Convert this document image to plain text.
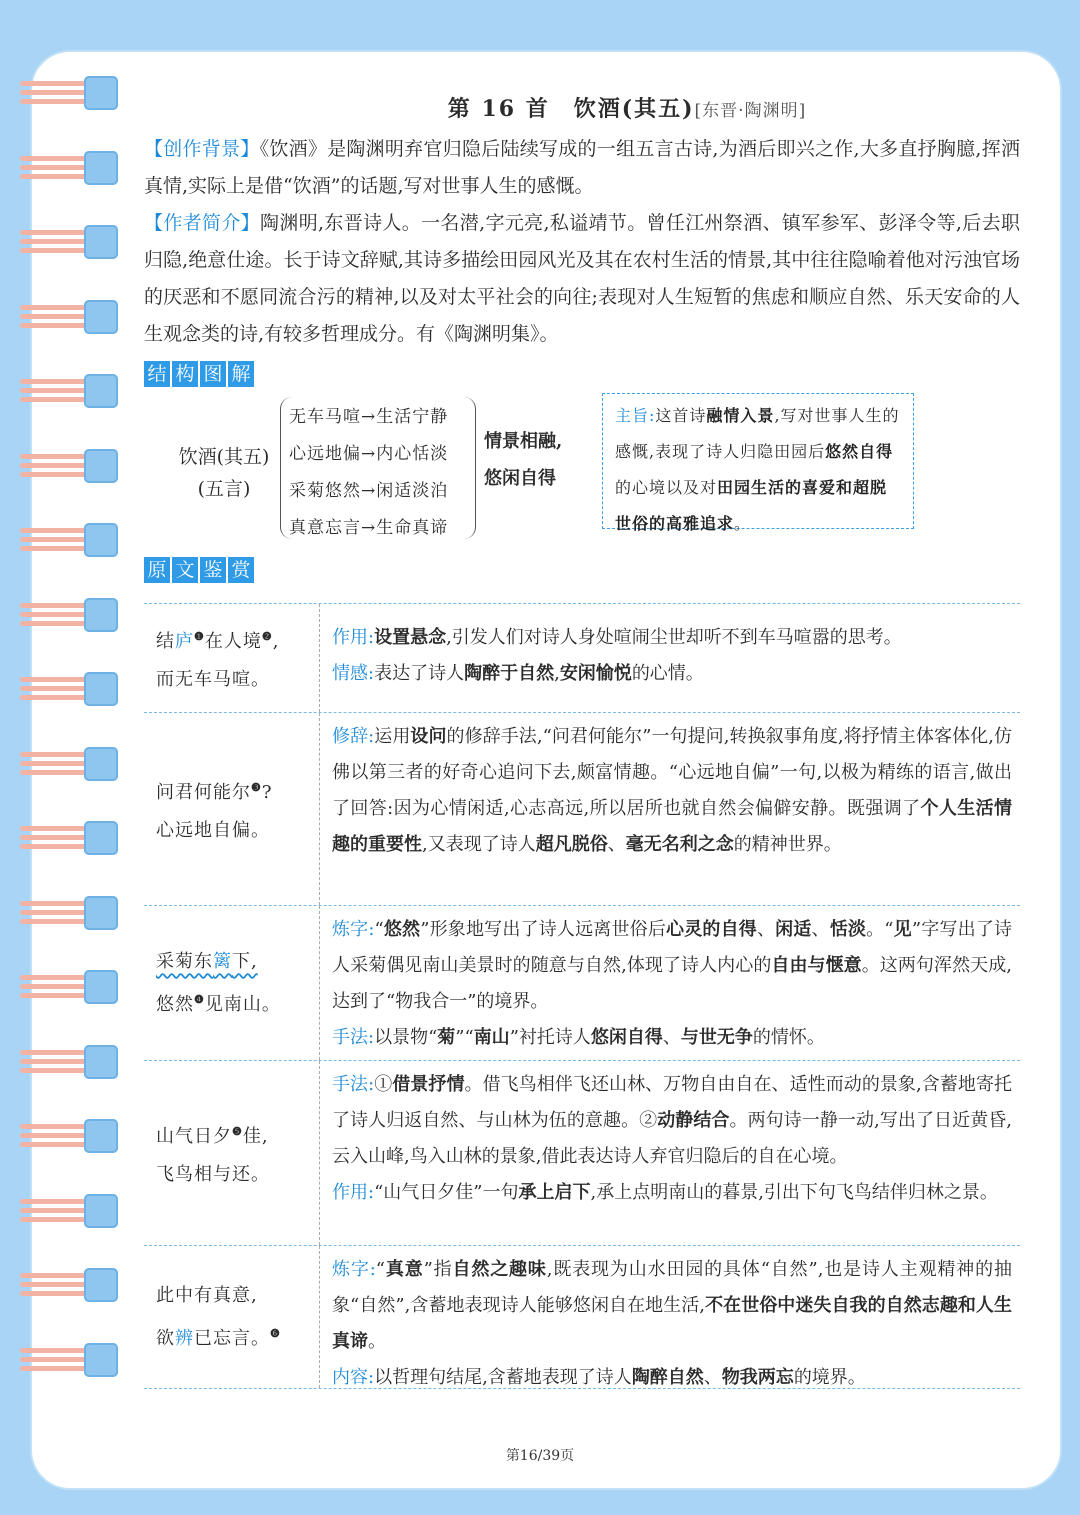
第 16 首　饮酒(其五)[东晋·陶渊明]

【创作背景】《饮酒》是陶渊明弃官归隐后陆续写成的一组五言古诗,为酒后即兴之作,大多直抒胸臆,挥洒真情,实际上是借“饮酒”的话题,写对世事人生的感慨。

【作者简介】陶渊明,东晋诗人。一名潜,字元亮,私谥靖节。曾任江州祭酒、镇军参军、彭泽令等,后去职归隐,绝意仕途。长于诗文辞赋,其诗多描绘田园风光及其在农村生活的情景,其中往往隐喻着他对污浊官场的厌恶和不愿同流合污的精神,以及对太平社会的向往;表现对人生短暂的焦虑和顺应自然、乐天安命的人生观念类的诗,有较多哲理成分。有《陶渊明集》。

结 构 图 解
饮酒(其五)
(五言)
无车马喧→生活宁静
心远地偏→内心恬淡
采菊悠然→闲适淡泊
真意忘言→生命真谛
情景相融,
悠闲自得
主旨:这首诗融情入景,写对世事人生的感慨,表现了诗人归隐田园后悠然自得的心境以及对田园生活的喜爱和超脱世俗的高雅追求。
原 文 鉴 赏
结庐$^❶$在人境$^❷$,
而无车马喧。
作用:设置悬念,引发人们对诗人身处喧闹尘世却听不到车马喧嚣的思考。
情感:表达了诗人陶醉于自然,安闲愉悦的心情。
问君何能尔$^❸$?
心远地自偏。
修辞:运用设问的修辞手法,“问君何能尔”一句提问,转换叙事角度,将抒情主体客体化,仿佛以第三者的好奇心追问下去,颇富情趣。“心远地自偏”一句,以极为精练的语言,做出了回答:因为心情闲适,心志高远,所以居所也就自然会偏僻安静。既强调了个人生活情趣的重要性,又表现了诗人超凡脱俗、毫无名利之念的精神世界。
采菊东篱下,
悠然$^❹$见南山。
炼字:“悠然”形象地写出了诗人远离世俗后心灵的自得、闲适、恬淡。“见”字写出了诗人采菊偶见南山美景时的随意与自然,体现了诗人内心的自由与惬意。这两句浑然天成,达到了“物我合一”的境界。
手法:以景物“菊”“南山”衬托诗人悠闲自得、与世无争的情怀。
山气日夕$^❺$佳,
飞鸟相与还。
手法:①借景抒情。借飞鸟相伴飞还山林、万物自由自在、适性而动的景象,含蓄地寄托了诗人归返自然、与山林为伍的意趣。②动静结合。两句诗一静一动,写出了日近黄昏,云入山峰,鸟入山林的景象,借此表达诗人弃官归隐后的自在心境。
作用:“山气日夕佳”一句承上启下,承上点明南山的暮景,引出下句飞鸟结伴归林之景。
此中有真意,
欲辨已忘言。$^❻$
炼字:“真意”指自然之趣味,既表现为山水田园的具体“自然”,也是诗人主观精神的抽象“自然”,含蓄地表现诗人能够悠闲自在地生活,不在世俗中迷失自我的自然志趣和人生真谛。
内容:以哲理句结尾,含蓄地表现了诗人陶醉自然、物我两忘的境界。
第16/39页
